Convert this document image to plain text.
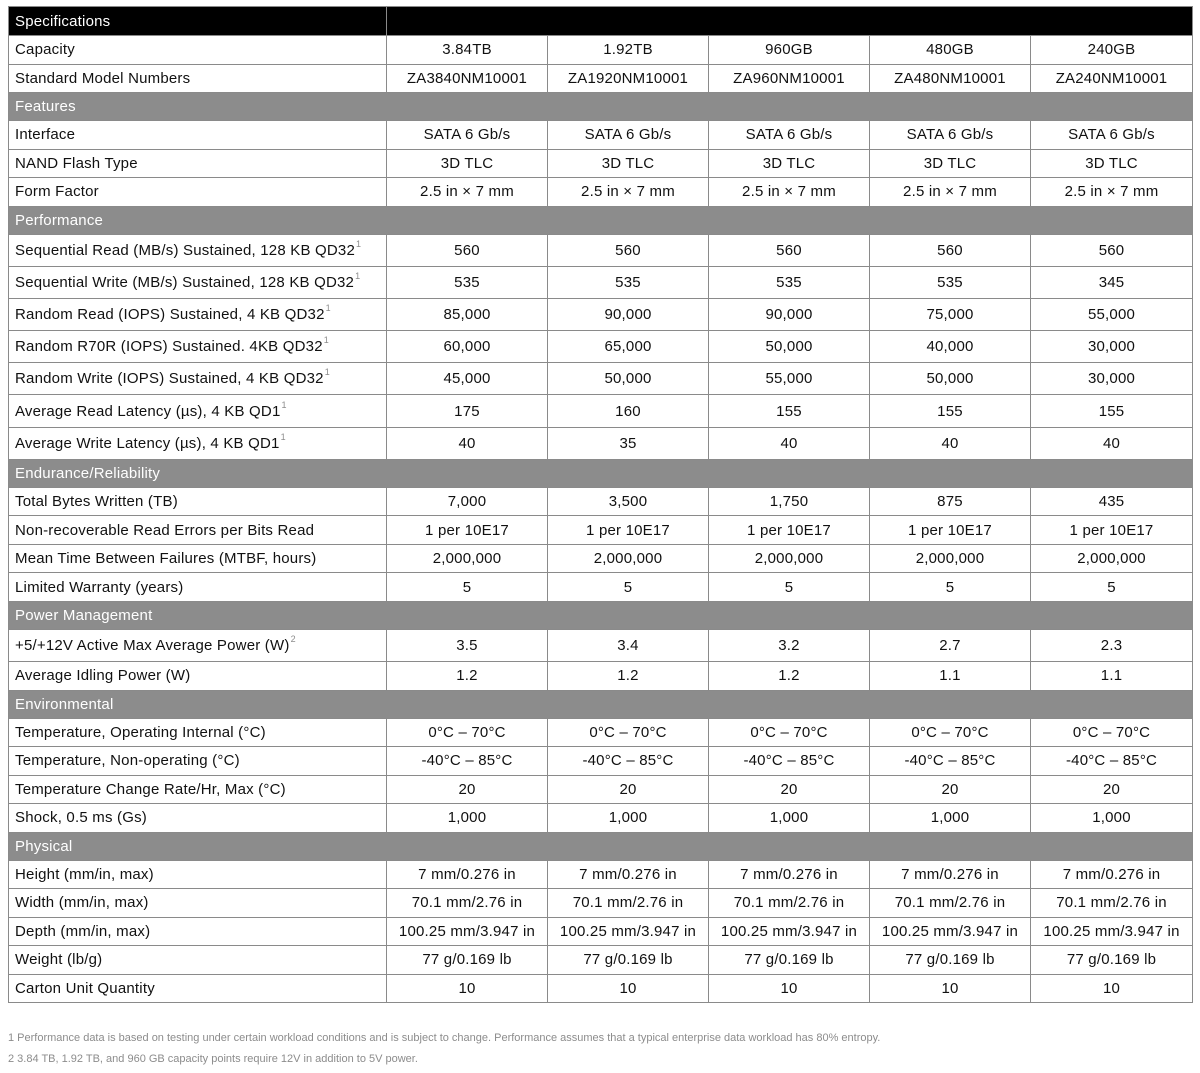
Specifications					
Capacity	3.84TB	1.92TB	960GB	480GB	240GB
Standard Model Numbers	ZA3840NM10001	ZA1920NM10001	ZA960NM10001	ZA480NM10001	ZA240NM10001
Features					
Interface	SATA 6 Gb/s	SATA 6 Gb/s	SATA 6 Gb/s	SATA 6 Gb/s	SATA 6 Gb/s
NAND Flash Type	3D TLC	3D TLC	3D TLC	3D TLC	3D TLC
Form Factor	2.5 in × 7 mm	2.5 in × 7 mm	2.5 in × 7 mm	2.5 in × 7 mm	2.5 in × 7 mm
Performance					
Sequential Read (MB/s) Sustained, 128 KB QD32$^1$	560	560	560	560	560
Sequential Write (MB/s) Sustained, 128 KB QD32$^1$	535	535	535	535	345
Random Read (IOPS) Sustained, 4 KB QD32$^1$	85,000	90,000	90,000	75,000	55,000
Random R70R (IOPS) Sustained. 4KB QD32$^1$	60,000	65,000	50,000	40,000	30,000
Random Write (IOPS) Sustained, 4 KB QD32$^1$	45,000	50,000	55,000	50,000	30,000
Average Read Latency (µs), 4 KB QD1$^1$	175	160	155	155	155
Average Write Latency (µs), 4 KB QD1$^1$	40	35	40	40	40
Endurance/Reliability					
Total Bytes Written (TB)	7,000	3,500	1,750	875	435
Non-recoverable Read Errors per Bits Read	1 per 10E17	1 per 10E17	1 per 10E17	1 per 10E17	1 per 10E17
Mean Time Between Failures (MTBF, hours)	2,000,000	2,000,000	2,000,000	2,000,000	2,000,000
Limited Warranty (years)	5	5	5	5	5
Power Management					
+5/+12V Active Max Average Power (W)$^2$	3.5	3.4	3.2	2.7	2.3
Average Idling Power (W)	1.2	1.2	1.2	1.1	1.1
Environmental					
Temperature, Operating Internal (°C)	0°C – 70°C	0°C – 70°C	0°C – 70°C	0°C – 70°C	0°C – 70°C
Temperature, Non-operating (°C)	-40°C – 85°C	-40°C – 85°C	-40°C – 85°C	-40°C – 85°C	-40°C – 85°C
Temperature Change Rate/Hr, Max (°C)	20	20	20	20	20
Shock, 0.5 ms (Gs)	1,000	1,000	1,000	1,000	1,000
Physical					
Height (mm/in, max)	7 mm/0.276 in	7 mm/0.276 in	7 mm/0.276 in	7 mm/0.276 in	7 mm/0.276 in
Width (mm/in, max)	70.1 mm/2.76 in	70.1 mm/2.76 in	70.1 mm/2.76 in	70.1 mm/2.76 in	70.1 mm/2.76 in
Depth (mm/in, max)	100.25 mm/3.947 in	100.25 mm/3.947 in	100.25 mm/3.947 in	100.25 mm/3.947 in	100.25 mm/3.947 in
Weight (lb/g)	77 g/0.169 lb	77 g/0.169 lb	77 g/0.169 lb	77 g/0.169 lb	77 g/0.169 lb
Carton Unit Quantity	10	10	10	10	10
1 Performance data is based on testing under certain workload conditions and is subject to change. Performance assumes that a typical enterprise data workload has 80% entropy.
2 3.84 TB, 1.92 TB, and 960 GB capacity points require 12V in addition to 5V power.
